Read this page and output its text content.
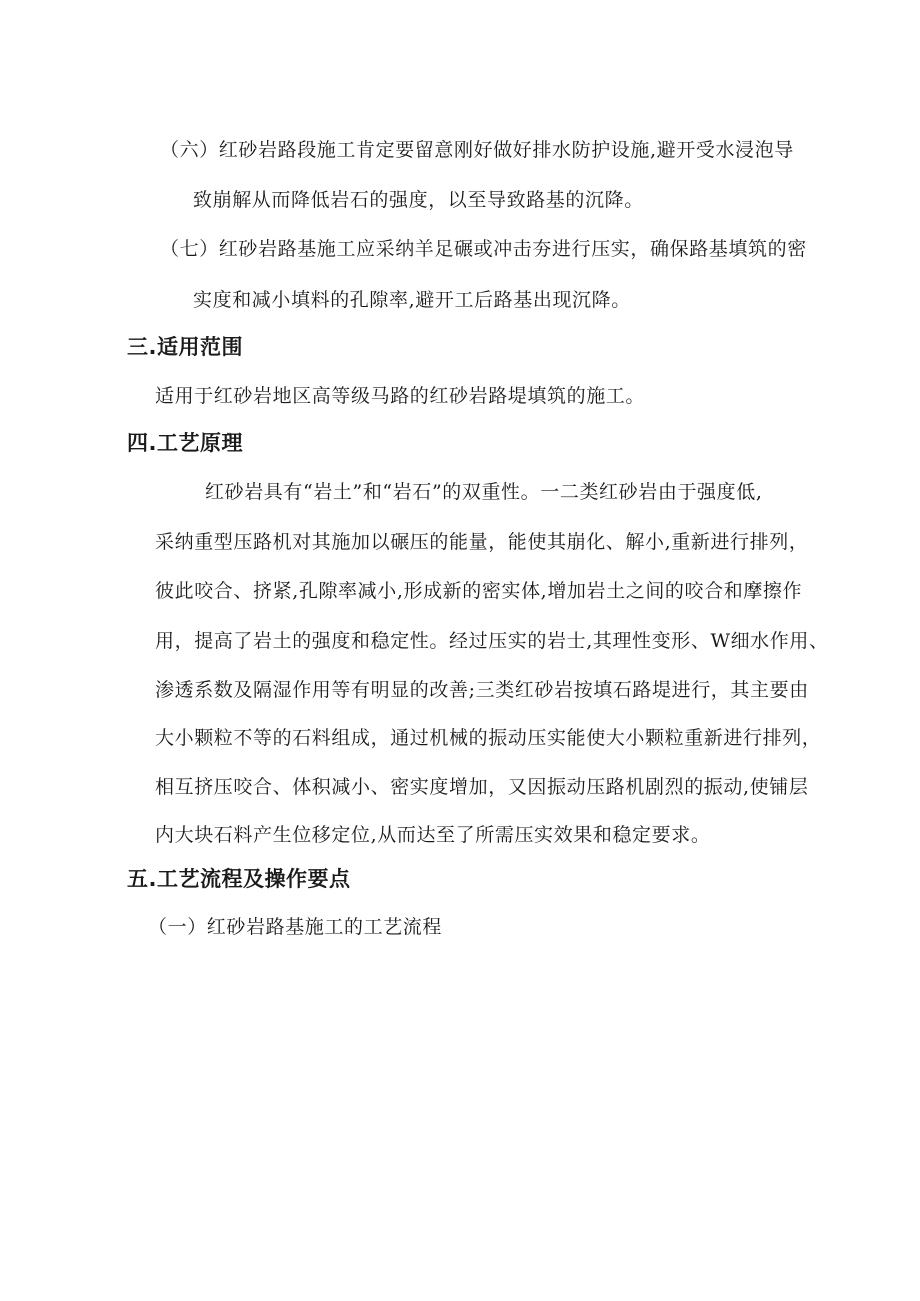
（六）红砂岩路段施工肯定要留意刚好做好排水防护设施,避开受水浸泡导
致崩解从而降低岩石的强度，以至导致路基的沉降。
（七）红砂岩路基施工应采纳羊足碾或冲击夯进行压实，确保路基填筑的密
实度和减小填料的孔隙率,避开工后路基出现沉降。
三.适用范围
适用于红砂岩地区高等级马路的红砂岩路堤填筑的施工。
四.工艺原理
红砂岩具有“岩土”和“岩石”的双重性。一二类红砂岩由于强度低,
采纳重型压路机对其施加以碾压的能量，能使其崩化、解小,重新进行排列，
彼此咬合、挤紧,孔隙率减小,形成新的密实体,增加岩土之间的咬合和摩擦作
用，提高了岩土的强度和稳定性。经过压实的岩士,其理性变形、W细水作用、
渗透系数及隔湿作用等有明显的改善;三类红砂岩按填石路堤进行，其主要由
大小颗粒不等的石料组成，通过机械的振动压实能使大小颗粒重新进行排列，
相互挤压咬合、体积减小、密实度增加，又因振动压路机剧烈的振动,使铺层
内大块石料产生位移定位,从而达至了所需压实效果和稳定要求。
五.工艺流程及操作要点
（一）红砂岩路基施工的工艺流程
